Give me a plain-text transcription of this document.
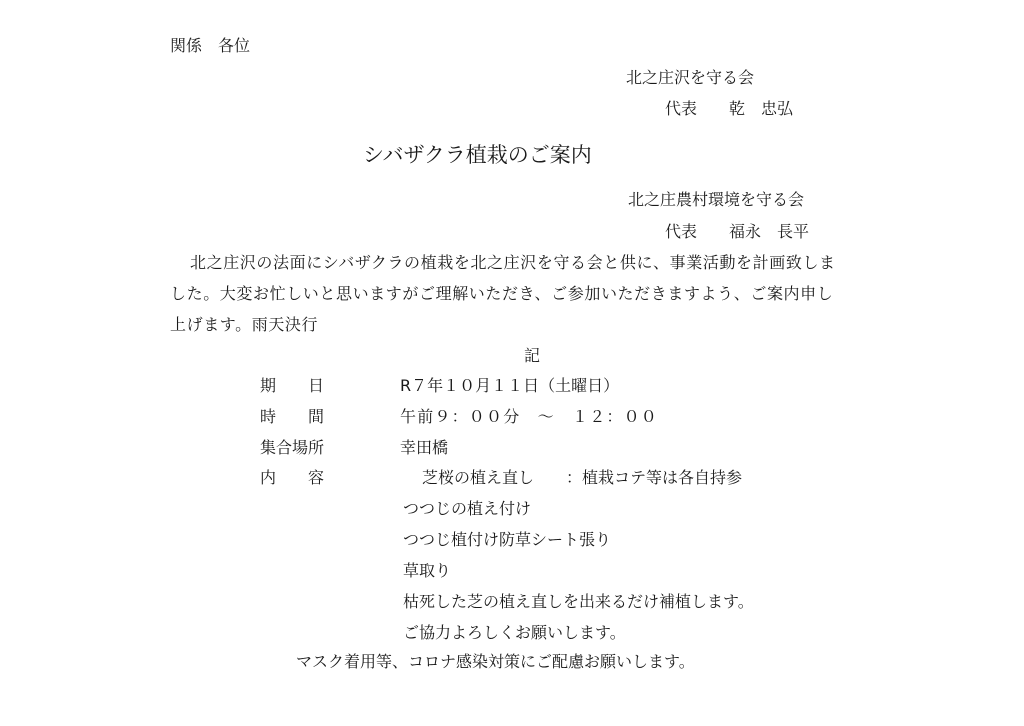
関係　各位
北之庄沢を守る会
代表　　乾　忠弘
シバザクラ植栽のご案内
北之庄農村環境を守る会
代表　　福永　長平
北之庄沢の法面にシバザクラの植栽を北之庄沢を守る会と供に、事業活動を計画致しま
した。大変お忙しいと思いますがご理解いただき、ご参加いただきますよう、ご案内申し
上げます。雨天決行
記
期　　日	R７年１０月１１日（土曜日）
時　　間	午前９：００分　～　１２：００
集合場所	幸田橋
内　　容	芝桜の植え直し　　：植栽コテ等は各自持参
つつじの植え付け
つつじ植付け防草シート張り
草取り
枯死した芝の植え直しを出来るだけ補植します。
ご協力よろしくお願いします。
マスク着用等、コロナ感染対策にご配慮お願いします。
